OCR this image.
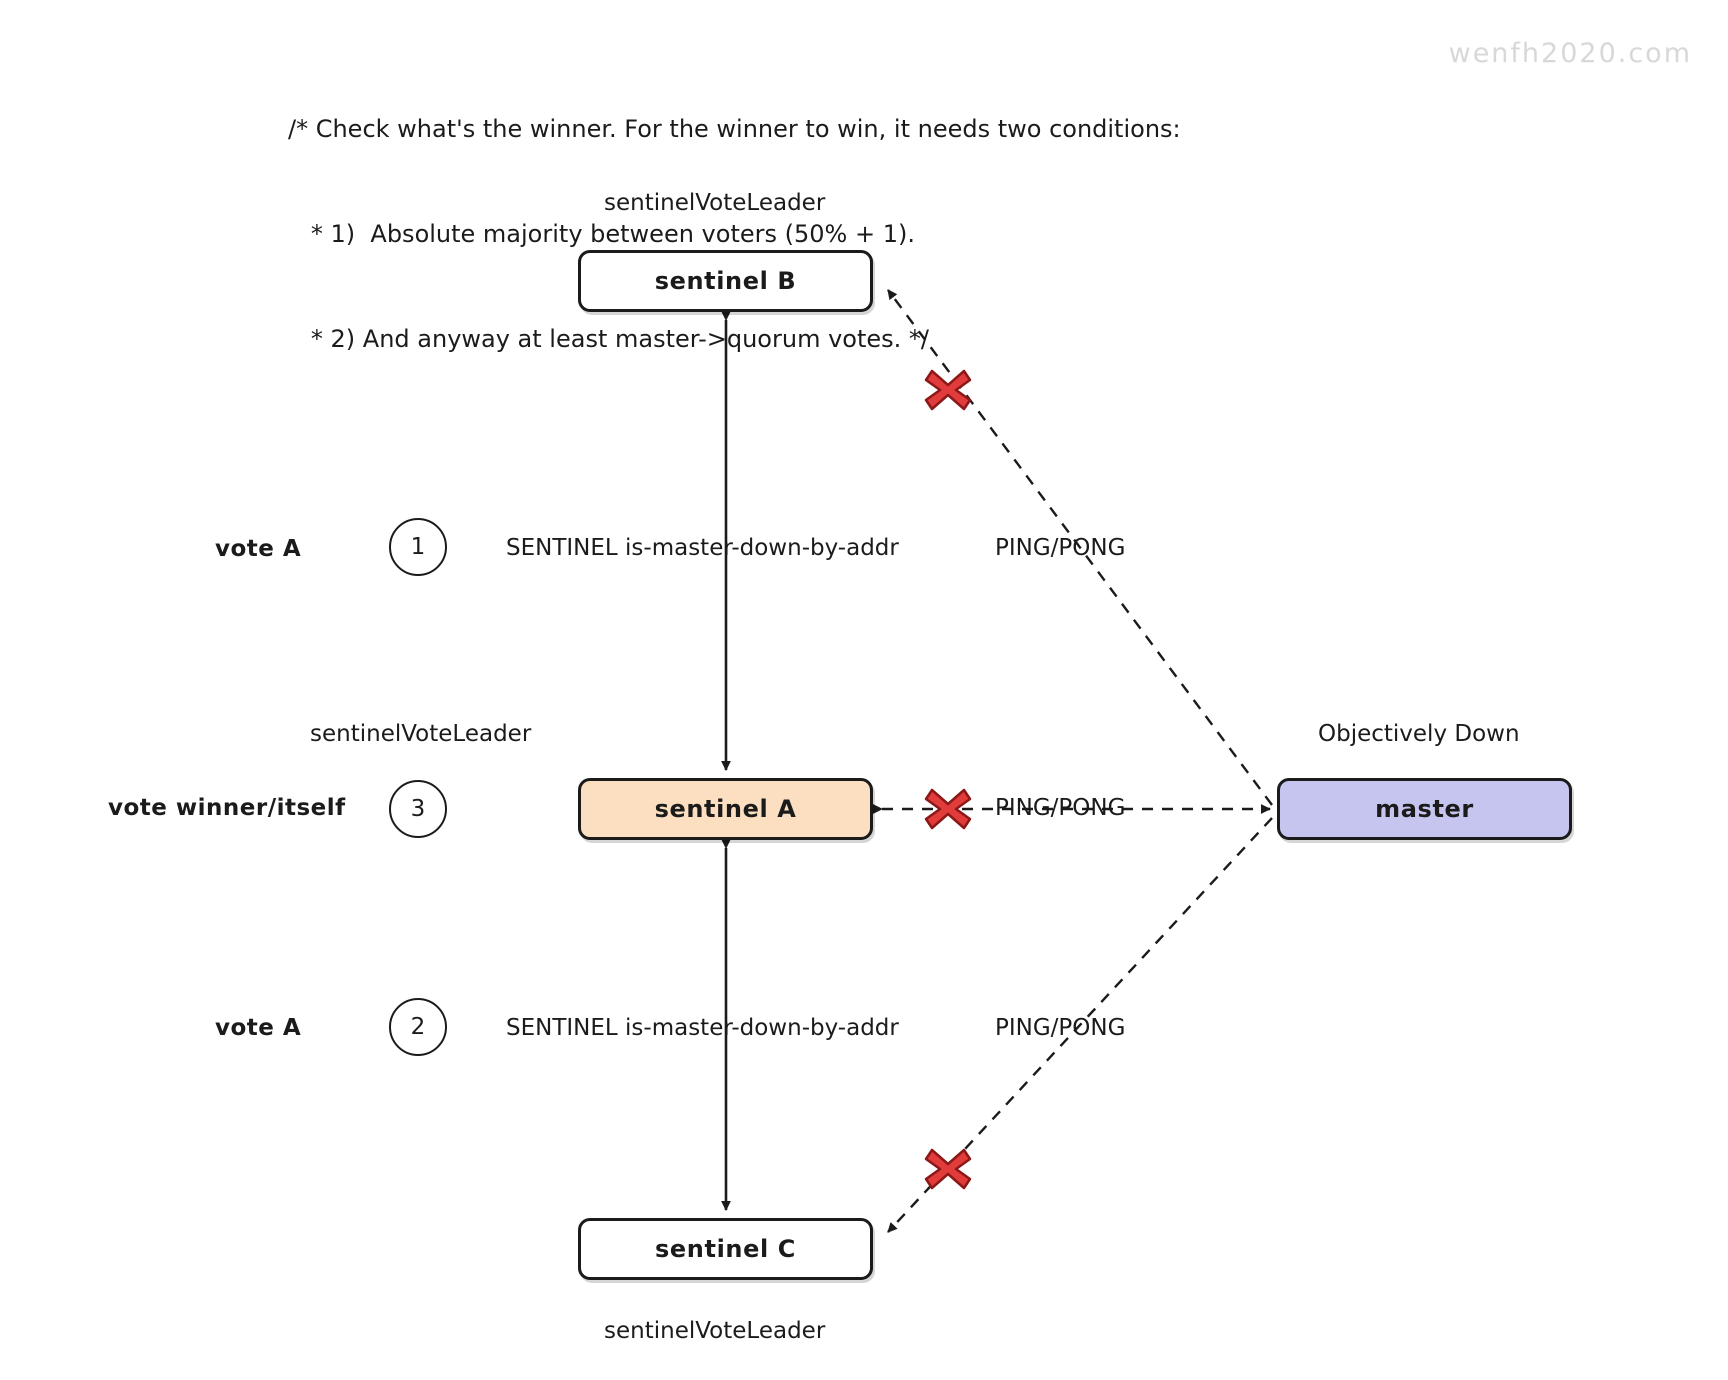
/* Check what's the winner. For the winner to win, it needs two conditions:

* 1)  Absolute majority between voters (50% + 1).

* 2) And anyway at least master->quorum votes. */

wenfh2020.com
sentinelVoteLeader
sentinelVoteLeader
sentinelVoteLeader
Objectively Down
sentinel B
sentinel A
sentinel C
master
SENTINEL is-master-down-by-addr
SENTINEL is-master-down-by-addr
PING/PONG
PING/PONG
PING/PONG
vote A	1
vote winner/itself	3
vote A	2
